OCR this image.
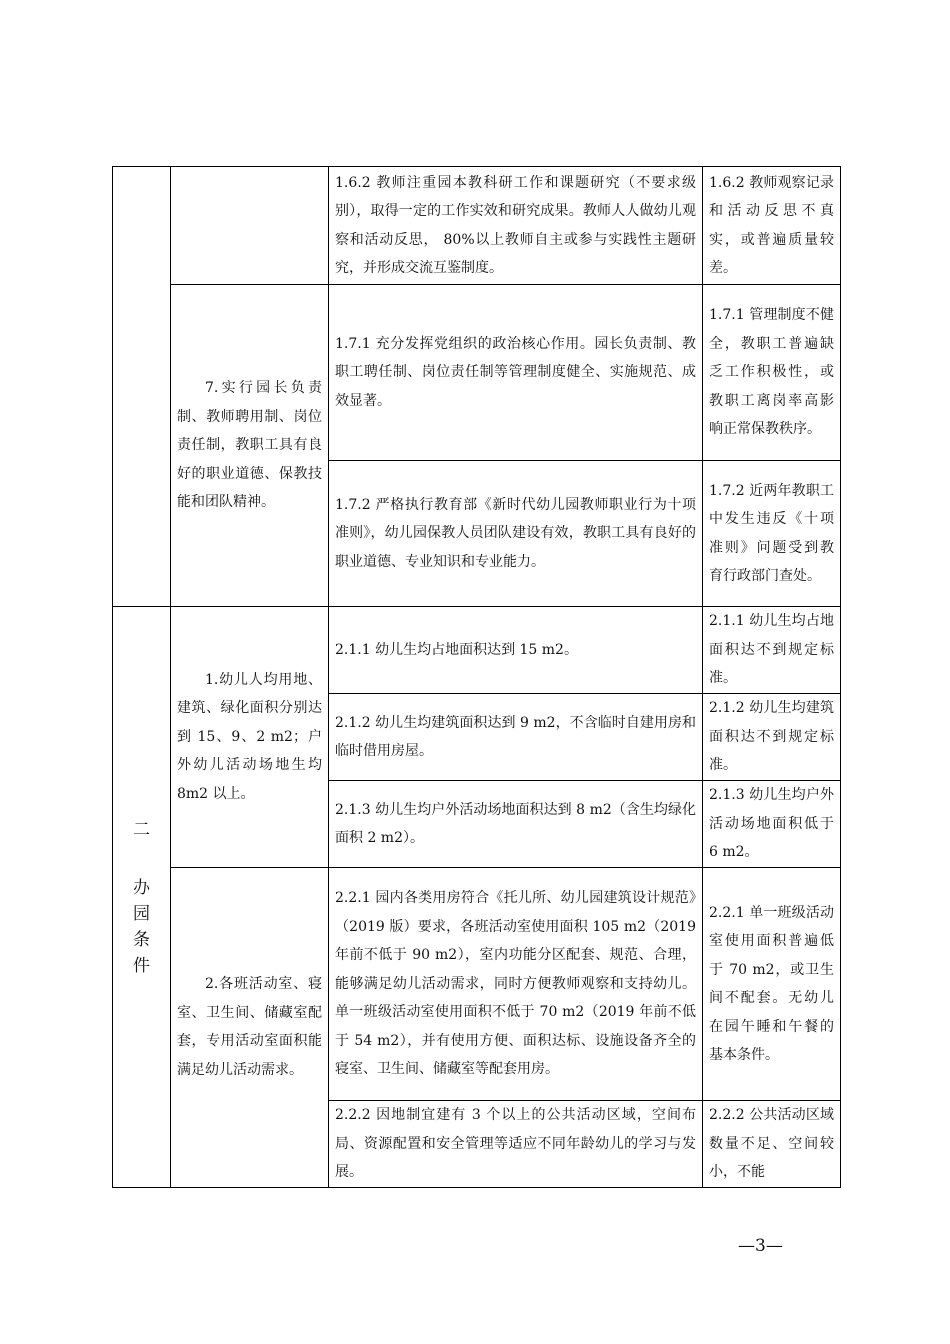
		1.6.2 教师注重园本教科研工作和课题研究（不要求级别），取得一定的工作实效和研究成果。教师人人做幼儿观察和活动反思， 80%以上教师自主或参与实践性主题研究，并形成交流互鉴制度。	1.6.2 教师观察记录和活动反思不真实，或普遍质量较差。
	7.实行园长负责制、教师聘用制、岗位责任制，教职工具有良好的职业道德、保教技能和团队精神。	1.7.1 充分发挥党组织的政治核心作用。园长负责制、教职工聘任制、岗位责任制等管理制度健全、实施规范、成效显著。	1.7.1 管理制度不健全，教职工普遍缺乏工作积极性，或教职工离岗率高影响正常保教秩序。
		1.7.2 严格执行教育部《新时代幼儿园教师职业行为十项准则》，幼儿园保教人员团队建设有效，教职工具有良好的职业道德、专业知识和专业能力。	1.7.2 近两年教职工中发生违反《十项准则》问题受到教育行政部门查处。

二
办园条件	1.幼儿人均用地、建筑、绿化面积分别达到 15、9、2 m2；户外幼儿活动场地生均 8m2 以上。	2.1.1 幼儿生均占地面积达到 15 m2。	2.1.1 幼儿生均占地面积达不到规定标准。
		2.1.2 幼儿生均建筑面积达到 9 m2，不含临时自建用房和临时借用房屋。	2.1.2 幼儿生均建筑面积达不到规定标准。
		2.1.3 幼儿生均户外活动场地面积达到 8 m2（含生均绿化面积 2 m2）。	2.1.3 幼儿生均户外活动场地面积低于 6 m2。
	2.各班活动室、寝室、卫生间、储藏室配套，专用活动室面积能满足幼儿活动需求。	2.2.1 园内各类用房符合《托儿所、幼儿园建筑设计规范》（2019 版）要求，各班活动室使用面积 105 m2（2019 年前不低于 90 m2），室内功能分区配套、规范、合理，能够满足幼儿活动需求，同时方便教师观察和支持幼儿。单一班级活动室使用面积不低于 70 m2（2019 年前不低于 54 m2），并有使用方便、面积达标、设施设备齐全的寝室、卫生间、储藏室等配套用房。	2.2.1 单一班级活动室使用面积普遍低于 70 m2，或卫生间不配套。无幼儿在园午睡和午餐的基本条件。
		2.2.2 因地制宜建有 3 个以上的公共活动区域，空间布局、资源配置和安全管理等适应不同年龄幼儿的学习与发展。	2.2.2 公共活动区域数量不足、空间较小，不能
—3—
